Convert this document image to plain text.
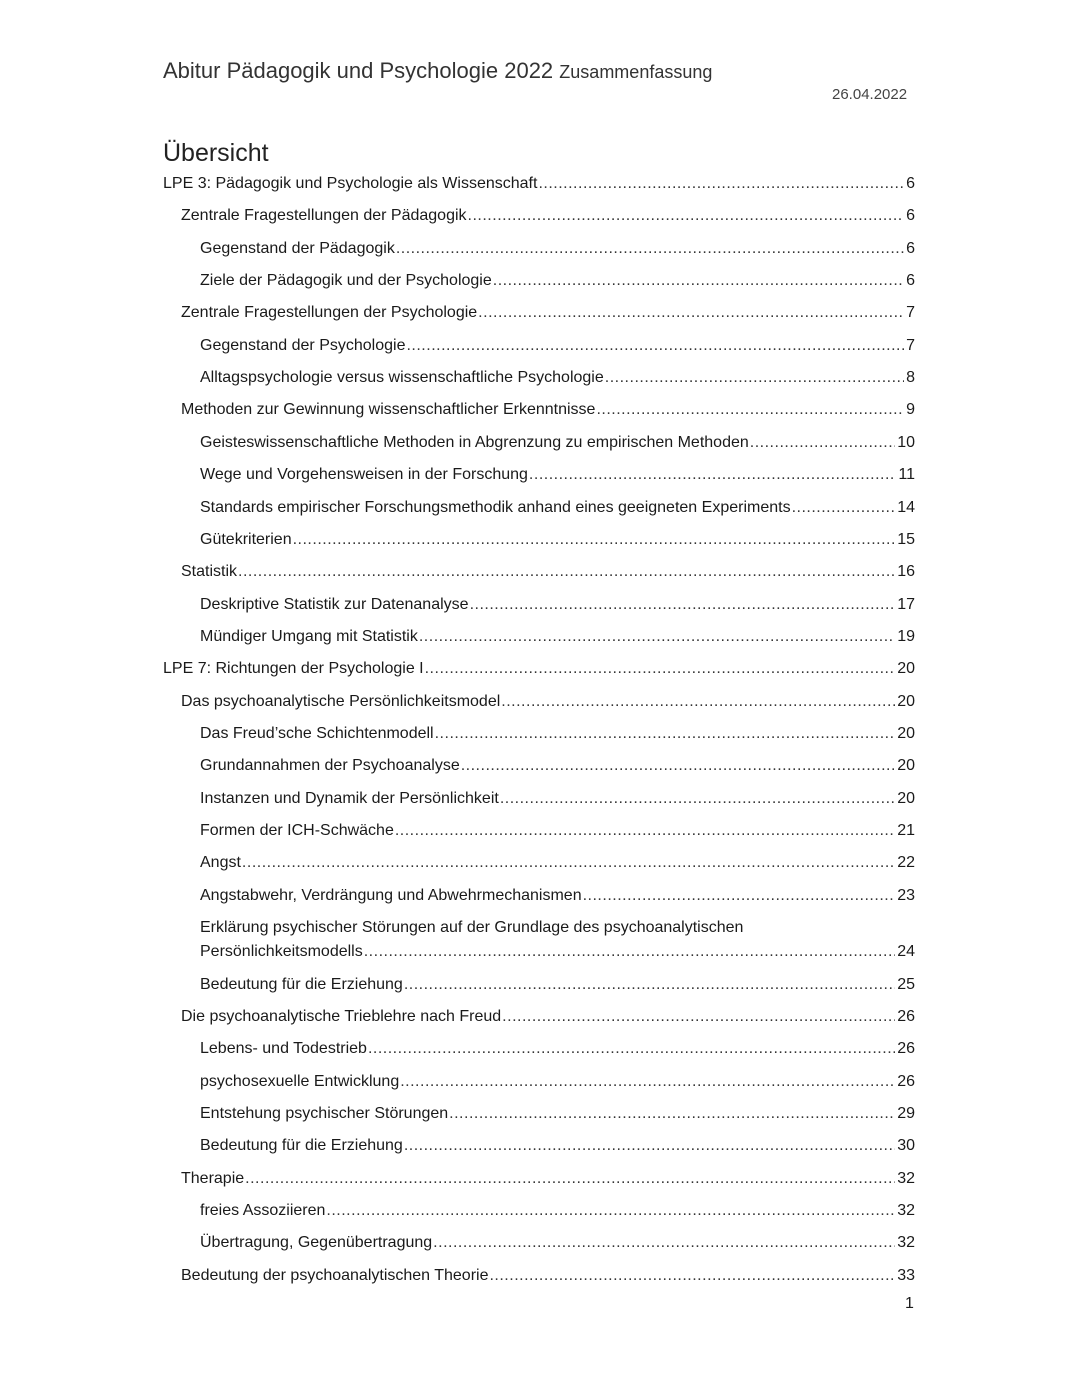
Abitur Pädagogik und Psychologie 2022 Zusammenfassung
26.04.2022
Übersicht
LPE 3: Pädagogik und Psychologie als Wissenschaft .....	6
Zentrale Fragestellungen der Pädagogik .....	6
Gegenstand der Pädagogik .....	6
Ziele der Pädagogik und der Psychologie .....	6
Zentrale Fragestellungen der Psychologie .....	7
Gegenstand der Psychologie .....	7
Alltagspsychologie versus wissenschaftliche Psychologie .....	8
Methoden zur Gewinnung wissenschaftlicher Erkenntnisse .....	9
Geisteswissenschaftliche Methoden in Abgrenzung zu empirischen Methoden .....	10
Wege und Vorgehensweisen in der Forschung .....	11
Standards empirischer Forschungsmethodik anhand eines geeigneten Experiments .....	14
Gütekriterien .....	15
Statistik .....	16
Deskriptive Statistik zur Datenanalyse .....	17
Mündiger Umgang mit Statistik .....	19
LPE 7: Richtungen der Psychologie I .....	20
Das psychoanalytische Persönlichkeitsmodel .....	20
Das Freud’sche Schichtenmodell .....	20
Grundannahmen der Psychoanalyse .....	20
Instanzen und Dynamik der Persönlichkeit .....	20
Formen der ICH-Schwäche .....	21
Angst .....	22
Angstabwehr, Verdrängung und Abwehrmechanismen .....	23
Erklärung psychischer Störungen auf der Grundlage des psychoanalytischen
Persönlichkeitsmodells .....	24
Bedeutung für die Erziehung .....	25
Die psychoanalytische Trieblehre nach Freud .....	26
Lebens- und Todestrieb .....	26
psychosexuelle Entwicklung .....	26
Entstehung psychischer Störungen .....	29
Bedeutung für die Erziehung .....	30
Therapie .....	32
freies Assoziieren .....	32
Übertragung, Gegenübertragung .....	32
Bedeutung der psychoanalytischen Theorie .....	33
1
